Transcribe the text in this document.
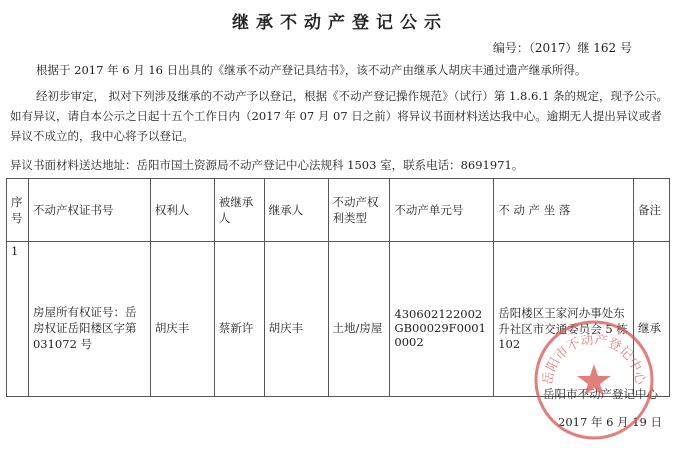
继承不动产登记公示
编号：（2017）继 162 号
根据于 2017 年 6 月 16 日出具的《继承不动产登记具结书》，该不动产由继承人胡庆丰通过遗产继承所得。
经初步审定， 拟对下列涉及继承的不动产予以登记，根据《不动产登记操作规范》（试行）第 1.8.6.1 条的规定，现予公示。如有异议，请自本公示之日起十五个工作日内（2017 年 07 月 07 日之前）将异议书面材料送达我中心。逾期无人提出异议或者异议不成立的，我中心将予以登记。
异议书面材料送达地址：岳阳市国土资源局不动产登记中心法规科 1503 室，联系电话：8691971。
序号	不动产权证书号	权利人	被继承人	继承人	不动产权利类型	不动产单元号	不 动 产 坐 落	备注
1								
	房屋所有权证号：岳房权证岳阳楼区字第 031072 号	胡庆丰	蔡新许	胡庆丰	土地/房屋	430602122002GB00029F00010002	岳阳楼区王家河办事处东升社区市交通委员会 5 栋 102	继承
岳阳市不动产登记中心
2017 年 6 月 19 日
岳阳市不动产登记中心
